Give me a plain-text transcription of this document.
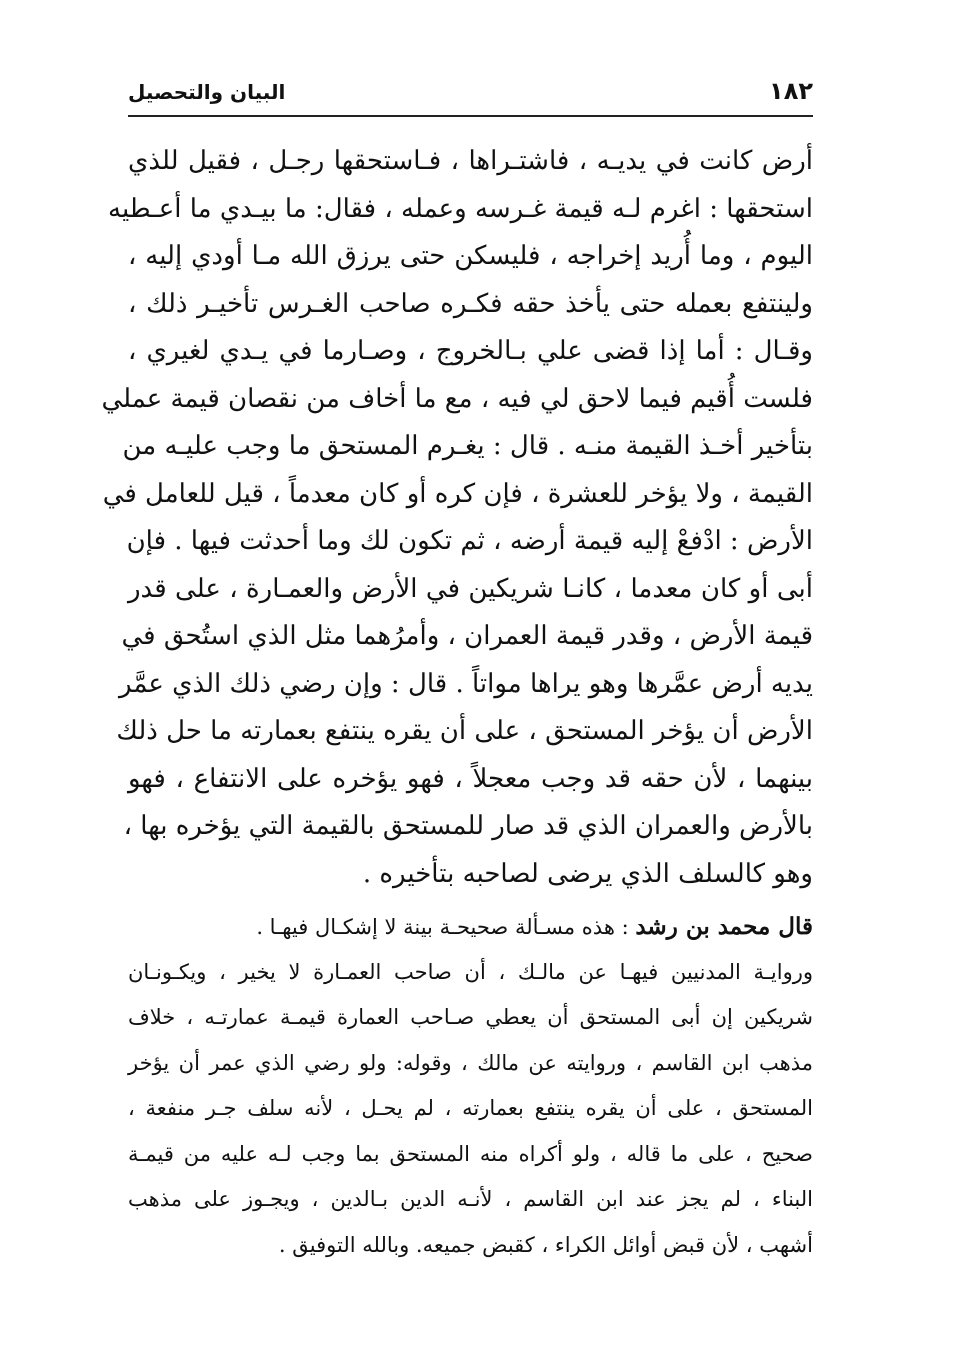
١٨٢
البيان والتحصيل
أرض كانت في يديـه ، فاشتـراها ، فـاستحقها رجـل ، فقيل للذي
استحقها : اغرم لـه قيمة غـرسه وعمله ، فقال: ما بيـدي ما أعـطيه
اليوم ، وما أُريد إخراجه ، فليسكن حتى يرزق الله مـا أودي إليه ،
ولينتفع بعمله حتى يأخذ حقه فكـره صاحب الغـرس تأخيـر ذلك ،
وقـال : أما إذا قضى علي بـالخروج ، وصـارما في يـدي لغيري ،
فلست أُقيم فيما لاحق لي فيه ، مع ما أخاف من نقصان قيمة عملي
بتأخير أخـذ القيمة منـه . قال : يغـرم المستحق ما وجب عليـه من
القيمة ، ولا يؤخر للعشرة ، فإن كره أو كان معدماً ، قيل للعامل في
الأرض : ادْفعْ إليه قيمة أرضه ، ثم تكون لك وما أحدثت فيها . فإن
أبى أو كان معدما ، كانـا شريكين في الأرض والعمـارة ، على قدر
قيمة الأرض ، وقدر قيمة العمران ، وأمرُهما مثل الذي استُحق في
يديه أرض عمَّرها وهو يراها مواتاً . قال : وإن رضي ذلك الذي عمَّر
الأرض أن يؤخر المستحق ، على أن يقره ينتفع بعمارته ما حل ذلك
بينهما ، لأن حقه قد وجب معجلاً ، فهو يؤخره على الانتفاع ، فهو
بالأرض والعمران الذي قد صار للمستحق بالقيمة التي يؤخره بها ،
وهو كالسلف الذي يرضى لصاحبه بتأخيره .
قال محمد بن رشد : هذه مسـألة صحيحـة بينة لا إشكـال فيهـا .
وروايـة المدنيين فيهـا عن مالـك ، أن صاحب العمـارة لا يخير ، ويكـونـان
شريكين إن أبى المستحق أن يعطي صـاحب العمارة قيمـة عمارتـه ، خلاف
مذهب ابن القاسم ، وروايته عن مالك ، وقوله: ولو رضي الذي عمر أن يؤخر
المستحق ، على أن يقره ينتفع بعمارته ، لم يحـل ، لأنه سلف جـر منفعة ،
صحيح ، على ما قاله ، ولو أكراه منه المستحق بما وجب لـه عليه من قيمـة
البناء ، لم يجز عند ابن القاسم ، لأنـه الدين بـالدين ، ويجـوز على مذهب
أشهب ، لأن قبض أوائل الكراء ، كقبض جميعه. وبالله التوفيق .
